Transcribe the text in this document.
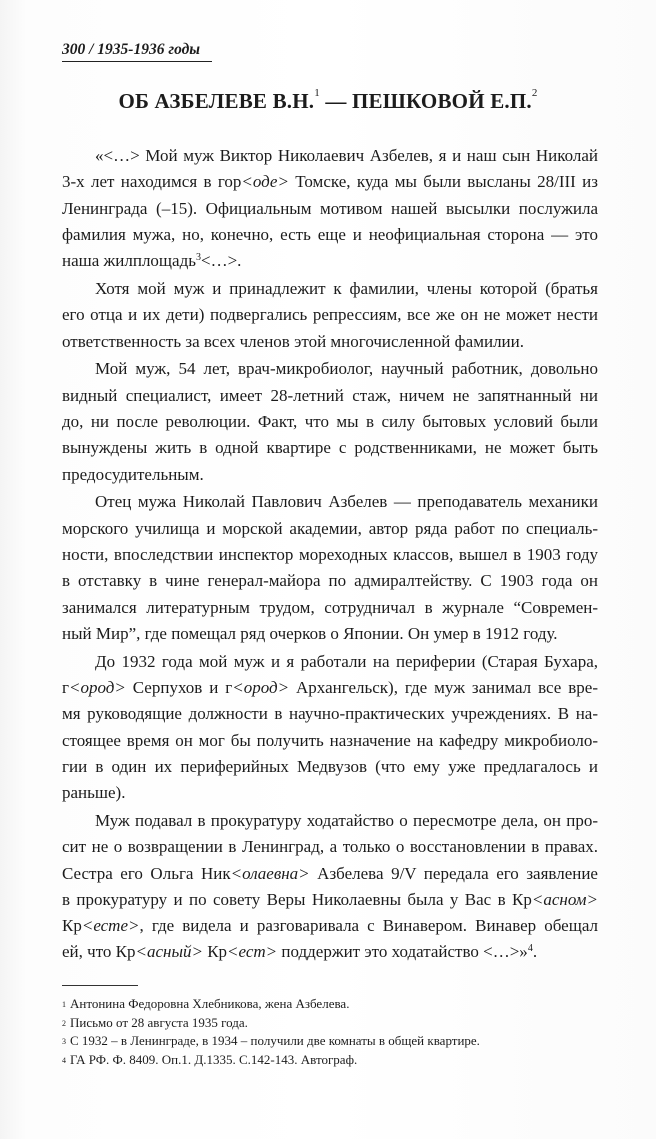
300 / 1935-1936 годы
ОБ АЗБЕЛЕВЕ В.Н.$^1$ — ПЕШКОВОЙ Е.П.$^2$
«<…> Мой муж Виктор Николаевич Азбелев, я и наш сын Николай
3-х лет находимся в гор<оде> Томске, куда мы были высланы 28/III из
Ленинграда (–15). Официальным мотивом нашей высылки послужила
фамилия мужа, но, конечно, есть еще и неофициальная сторона — это
наша жилплощадь$^3$<…>.
Хотя мой муж и принадлежит к фамилии, члены которой (братья
его отца и их дети) подвергались репрессиям, все же он не может нести
ответственность за всех членов этой многочисленной фамилии.
Мой муж, 54 лет, врач-микробиолог, научный работник, довольно
видный специалист, имеет 28-летний стаж, ничем не запятнанный ни
до, ни после революции. Факт, что мы в силу бытовых условий были
вынуждены жить в одной квартире с родственниками, не может быть
предосудительным.
Отец мужа Николай Павлович Азбелев — преподаватель механики
морского училища и морской академии, автор ряда работ по специаль-
ности, впоследствии инспектор мореходных классов, вышел в 1903 году
в отставку в чине генерал-майора по адмиралтейству. С 1903 года он
занимался литературным трудом, сотрудничал в журнале “Современ-
ный Мир”, где помещал ряд очерков о Японии. Он умер в 1912 году.
До 1932 года мой муж и я работали на периферии (Старая Бухара,
г<ород> Серпухов и г<ород> Архангельск), где муж занимал все вре-
мя руководящие должности в научно-практических учреждениях. В на-
стоящее время он мог бы получить назначение на кафедру микробиоло-
гии в один их периферийных Медвузов (что ему уже предлагалось и
раньше).
Муж подавал в прокуратуру ходатайство о пересмотре дела, он про-
сит не о возвращении в Ленинград, а только о восстановлении в правах.
Сестра его Ольга Ник<олаевна> Азбелева 9/V передала его заявление
в прокуратуру и по совету Веры Николаевны была у Вас в Кр<асном>
Кр<есте>, где видела и разговаривала с Винавером. Винавер обещал
ей, что Кр<асный> Кр<ест> поддержит это ходатайство <…>»$^4$.
$^1$ Антонина Федоровна Хлебникова, жена Азбелева.
$^2$ Письмо от 28 августа 1935 года.
$^3$ С 1932 – в Ленинграде, в 1934 – получили две комнаты в общей квартире.
$^4$ ГА РФ. Ф. 8409. Оп.1. Д.1335. С.142-143. Автограф.
